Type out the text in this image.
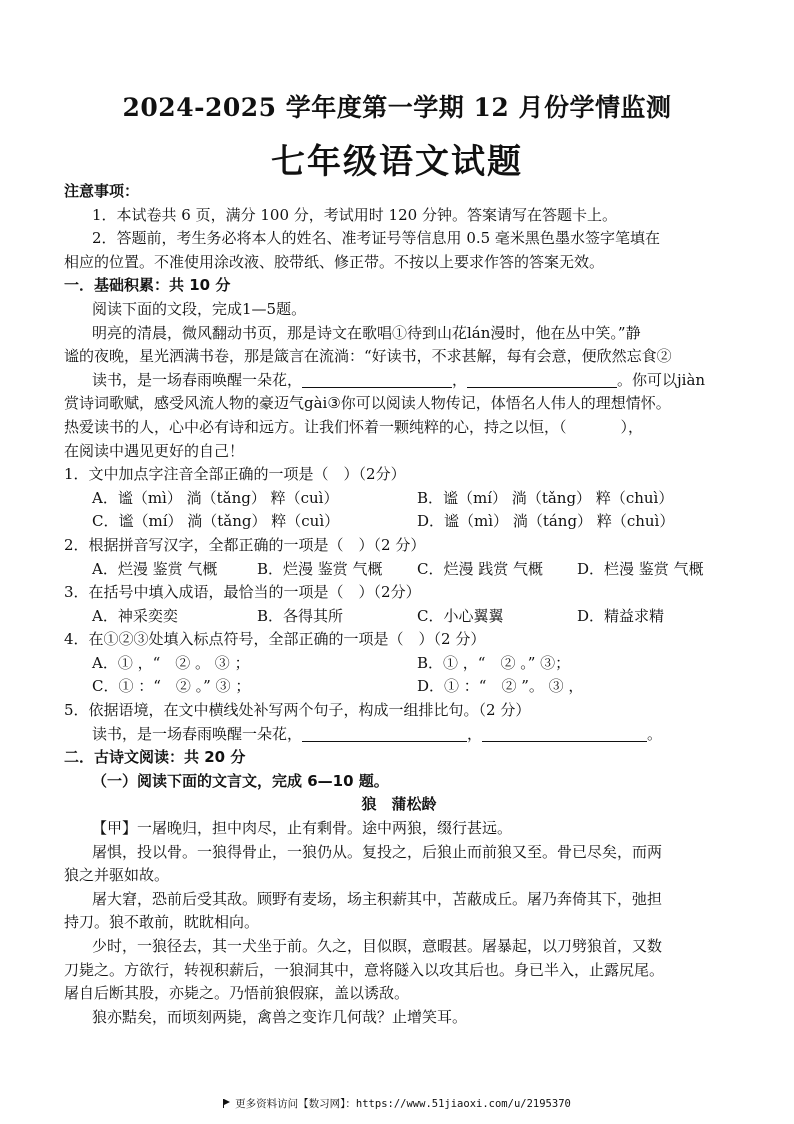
2024-2025 学年度第一学期 12 月份学情监测
七年级语文试题
注意事项：
1．本试卷共 6 页，满分 100 分，考试用时 120 分钟。答案请写在答题卡上。
2．答题前，考生务必将本人的姓名、准考证号等信息用 0.5 毫米黑色墨水签字笔填在
相应的位置。不准使用涂改液、胶带纸、修正带。不按以上要求作答的答案无效。
一．基础积累：共 10 分
阅读下面的文段，完成1—5题。
明亮的清晨，微风翻动书页，那是诗文在歌唱①待到山花lán漫时，他在丛中笑。”静
谧的夜晚，星光洒满书卷，那是箴言在流淌：“好读书，不求甚解，每有会意，便欣然忘食②
读书，是一场春雨唤醒一朵花，	，	。你可以jiàn
赏诗词歌赋，感受风流人物的豪迈气gài③你可以阅读人物传记，体悟名人伟人的理想情怀。
热爱读书的人，心中必有诗和远方。让我们怀着一颗纯粹的心，持之以恒，（	），
在阅读中遇见更好的自己！
1．文中加点字注音全部正确的一项是（　）（2分）
A．谧（mì） 淌（tǎng） 粹（cuì）	B．谧（mí） 淌（tǎng） 粹（chuì）
C．谧（mí） 淌（tǎng） 粹（cuì）	D．谧（mì） 淌（táng） 粹（chuì）
2．根据拼音写汉字，全都正确的一项是（　）（2 分）
A．烂漫 鉴赏 气概	B．烂漫 鉴赏 气概	C．烂漫 践赏 气概	D．栏漫 鉴赏 气概
3．在括号中填入成语，最恰当的一项是（　）（2分）
A．神采奕奕	B．各得其所	C．小心翼翼	D．精益求精
4．在①②③处填入标点符号，全部正确的一项是（　）（2 分）
A．① ，“　② 。 ③ ；	B．① ，“　② 。” ③；
C．① ：“　② 。” ③ ；	D．① ：“　② ”。 ③ ，
5．依据语境，在文中横线处补写两个句子，构成一组排比句。（2 分）
读书，是一场春雨唤醒一朵花，	，	。
二．古诗文阅读：共 20 分
（一）阅读下面的文言文，完成 6—10 题。
狼　蒲松龄
【甲】一屠晚归，担中肉尽，止有剩骨。途中两狼，缀行甚远。
屠惧，投以骨。一狼得骨止，一狼仍从。复投之，后狼止而前狼又至。骨已尽矣，而两
狼之并驱如故。
屠大窘，恐前后受其敌。顾野有麦场，场主积薪其中，苫蔽成丘。屠乃奔倚其下，弛担
持刀。狼不敢前，眈眈相向。
少时，一狼径去，其一犬坐于前。久之，目似瞑，意暇甚。屠暴起，以刀劈狼首，又数
刀毙之。方欲行，转视积薪后，一狼洞其中，意将隧入以攻其后也。身已半入，止露尻尾。
屠自后断其股，亦毙之。乃悟前狼假寐，盖以诱敌。
狼亦黠矣，而顷刻两毙，禽兽之变诈几何哉？止增笑耳。
更多资料访问【数习网】：https://www.51jiaoxi.com/u/2195370
